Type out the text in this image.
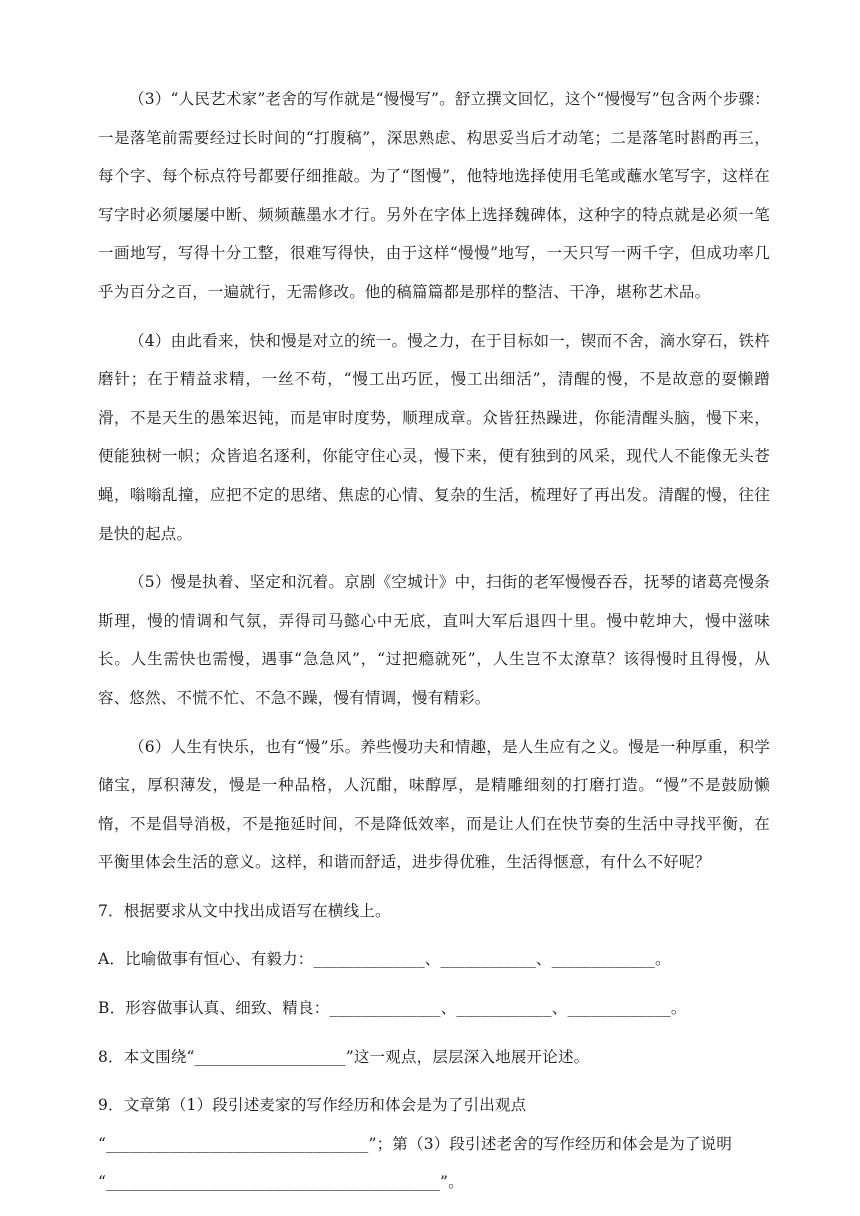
（3）“人民艺术家”老舍的写作就是“慢慢写”。舒立撰文回忆，这个“慢慢写”包含两个步骤：一是落笔前需要经过长时间的“打腹稿”，深思熟虑、构思妥当后才动笔；二是落笔时斟酌再三，每个字、每个标点符号都要仔细推敲。为了“图慢”，他特地选择使用毛笔或蘸水笔写字，这样在写字时必须屡屡中断、频频蘸墨水才行。另外在字体上选择魏碑体，这种字的特点就是必须一笔一画地写，写得十分工整，很难写得快，由于这样“慢慢”地写，一天只写一两千字，但成功率几乎为百分之百，一遍就行，无需修改。他的稿篇篇都是那样的整洁、干净，堪称艺术品。

（4）由此看来，快和慢是对立的统一。慢之力，在于目标如一，锲而不舍，滴水穿石，铁杵磨针；在于精益求精，一丝不苟，“慢工出巧匠，慢工出细活”，清醒的慢，不是故意的耍懒蹭滑，不是天生的愚笨迟钝，而是审时度势，顺理成章。众皆狂热躁进，你能清醒头脑，慢下来，便能独树一帜；众皆追名逐利，你能守住心灵，慢下来，便有独到的风采，现代人不能像无头苍蝇，嗡嗡乱撞，应把不定的思绪、焦虑的心情、复杂的生活，梳理好了再出发。清醒的慢，往往是快的起点。

（5）慢是执着、坚定和沉着。京剧《空城计》中，扫街的老军慢慢吞吞，抚琴的诸葛亮慢条斯理，慢的情调和气氛，弄得司马懿心中无底，直叫大军后退四十里。慢中乾坤大，慢中滋味长。人生需快也需慢，遇事“急急风”，“过把瘾就死”，人生岂不太潦草？该得慢时且得慢，从容、悠然、不慌不忙、不急不躁，慢有情调，慢有精彩。

（6）人生有快乐，也有“慢”乐。养些慢功夫和情趣，是人生应有之义。慢是一种厚重，积学储宝，厚积薄发，慢是一种品格，人沉酣，味醇厚，是精雕细刻的打磨打造。“慢”不是鼓励懒惰，不是倡导消极，不是拖延时间，不是降低效率，而是让人们在快节奏的生活中寻找平衡，在平衡里体会生活的意义。这样，和谐而舒适，进步得优雅，生活得惬意，有什么不好呢？

7．根据要求从文中找出成语写在横线上。

A．比喻做事有恒心、有毅力：______________、____________、_____________。

B．形容做事认真、细致、精良：______________、____________、_____________。

8．本文围绕“___________________”这一观点，层层深入地展开论述。

9．文章第（1）段引述麦家的写作经历和体会是为了引出观点

“_________________________________”；第（3）段引述老舍的写作经历和体会是为了说明

“__________________________________________”。
